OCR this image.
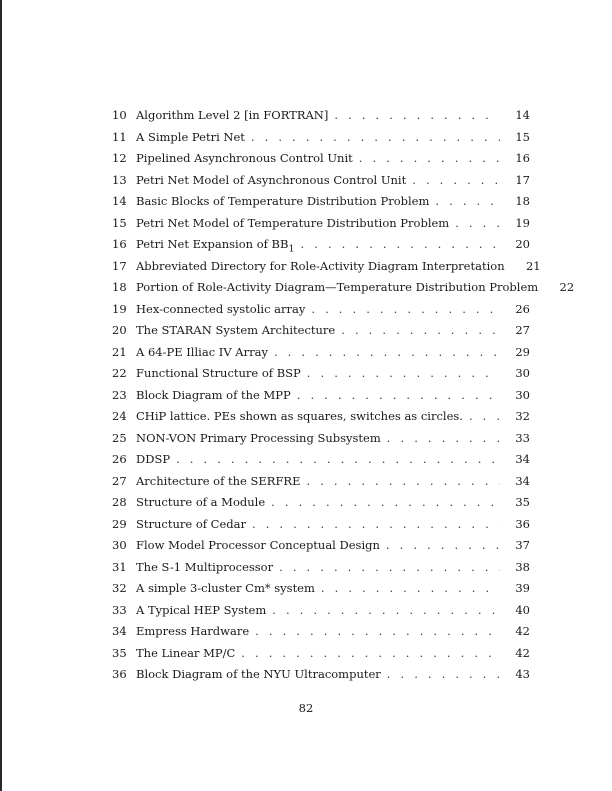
10 Algorithm Level 2 [in FORTRAN] . . .	14
11 A Simple Petri Net . . .	15
12 Pipelined Asynchronous Control Unit . . .	16
13 Petri Net Model of Asynchronous Control Unit . . .	17
14 Basic Blocks of Temperature Distribution Problem . . .	18
15 Petri Net Model of Temperature Distribution Problem . . .	19
16 Petri Net Expansion of $BB_1$ . . .	20
17 Abbreviated Directory for Role-Activity Diagram Interpretation	21
18 Portion of Role-Activity Diagram—Temperature Distribution Problem	22
19 Hex-connected systolic array . . .	26
20 The STARAN System Architecture . . .	27
21 A 64-PE Illiac IV Array . . .	29
22 Functional Structure of BSP . . .	30
23 Block Diagram of the MPP . . .	30
24 CHiP lattice. PEs shown as squares, switches as circles. . . .	32
25 NON-VON Primary Processing Subsystem . . .	33
26 DDSP . . .	34
27 Architecture of the SERFRE . . .	34
28 Structure of a Module . . .	35
29 Structure of Cedar . . .	36
30 Flow Model Processor Conceptual Design . . .	37
31 The S-1 Multiprocessor . . .	38
32 A simple 3-cluster Cm* system . . .	39
33 A Typical HEP System . . .	40
34 Empress Hardware . . .	42
35 The Linear MP/C . . .	42
36 Block Diagram of the NYU Ultracomputer . . .	43
82
